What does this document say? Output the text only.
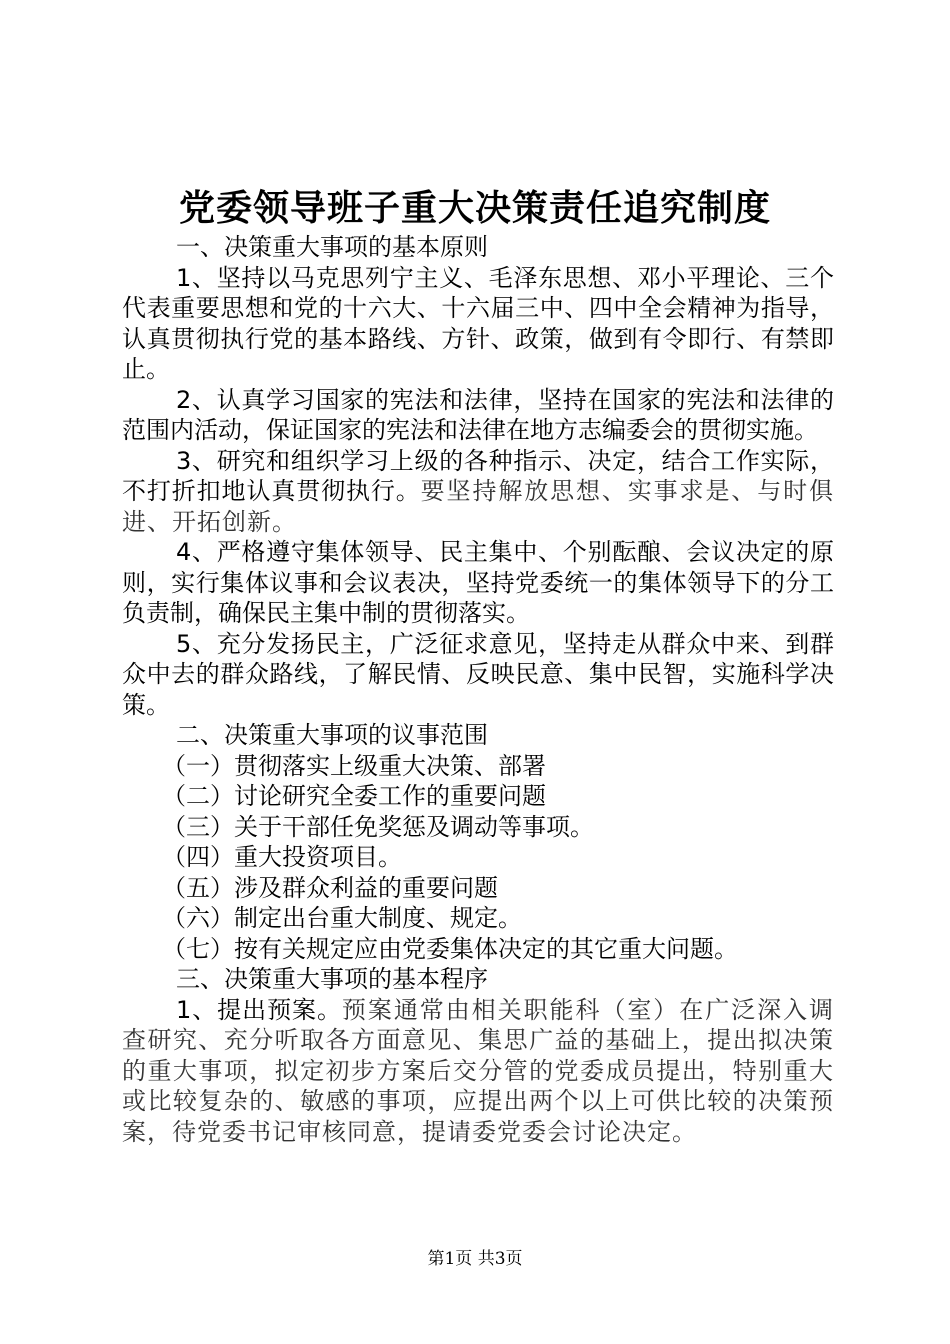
党委领导班子重大决策责任追究制度

一、决策重大事项的基本原则

1、坚持以马克思列宁主义、毛泽东思想、邓小平理论、三个代表重要思想和党的十六大、十六届三中、四中全会精神为指导，认真贯彻执行党的基本路线、方针、政策，做到有令即行、有禁即止。

2、认真学习国家的宪法和法律，坚持在国家的宪法和法律的范围内活动，保证国家的宪法和法律在地方志编委会的贯彻实施。

3、研究和组织学习上级的各种指示、决定，结合工作实际，不打折扣地认真贯彻执行。要坚持解放思想、实事求是、与时俱进、开拓创新。

4、严格遵守集体领导、民主集中、个别酝酿、会议决定的原则，实行集体议事和会议表决，坚持党委统一的集体领导下的分工负责制，确保民主集中制的贯彻落实。

5、充分发扬民主，广泛征求意见，坚持走从群众中来、到群众中去的群众路线，了解民情、反映民意、集中民智，实施科学决策。

二、决策重大事项的议事范围

（一）贯彻落实上级重大决策、部署

（二）讨论研究全委工作的重要问题

（三）关于干部任免奖惩及调动等事项。

（四）重大投资项目。

（五）涉及群众利益的重要问题

（六）制定出台重大制度、规定。

（七）按有关规定应由党委集体决定的其它重大问题。

三、决策重大事项的基本程序

1、提出预案。预案通常由相关职能科（室）在广泛深入调查研究、充分听取各方面意见、集思广益的基础上，提出拟决策的重大事项，拟定初步方案后交分管的党委成员提出，特别重大或比较复杂的、敏感的事项，应提出两个以上可供比较的决策预案，待党委书记审核同意，提请委党委会讨论决定。

第1页 共3页
